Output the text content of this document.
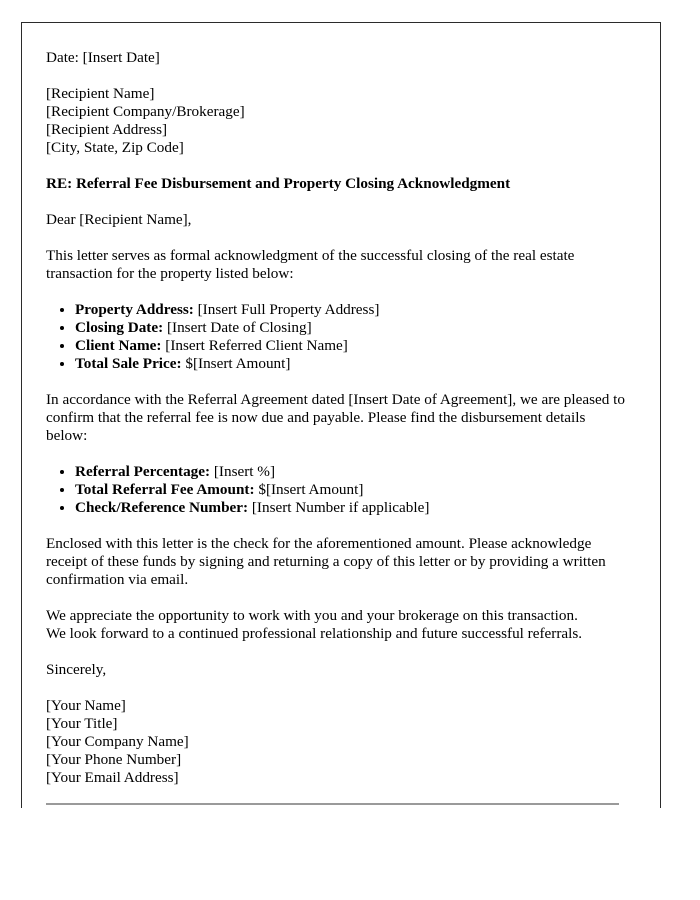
Date: [Insert Date]
[Recipient Name]
[Recipient Company/Brokerage]
[Recipient Address]
[City, State, Zip Code]
RE: Referral Fee Disbursement and Property Closing Acknowledgment
Dear [Recipient Name],
This letter serves as formal acknowledgment of the successful closing of the real estate transaction for the property listed below:
• Property Address: [Insert Full Property Address]
• Closing Date: [Insert Date of Closing]
• Client Name: [Insert Referred Client Name]
• Total Sale Price: $[Insert Amount]
In accordance with the Referral Agreement dated [Insert Date of Agreement], we are pleased to confirm that the referral fee is now due and payable. Please find the disbursement details below:
• Referral Percentage: [Insert %]
• Total Referral Fee Amount: $[Insert Amount]
• Check/Reference Number: [Insert Number if applicable]
Enclosed with this letter is the check for the aforementioned amount. Please acknowledge receipt of these funds by signing and returning a copy of this letter or by providing a written confirmation via email.
We appreciate the opportunity to work with you and your brokerage on this transaction.
We look forward to a continued professional relationship and future successful referrals.
Sincerely,
[Your Name]
[Your Title]
[Your Company Name]
[Your Phone Number]
[Your Email Address]
